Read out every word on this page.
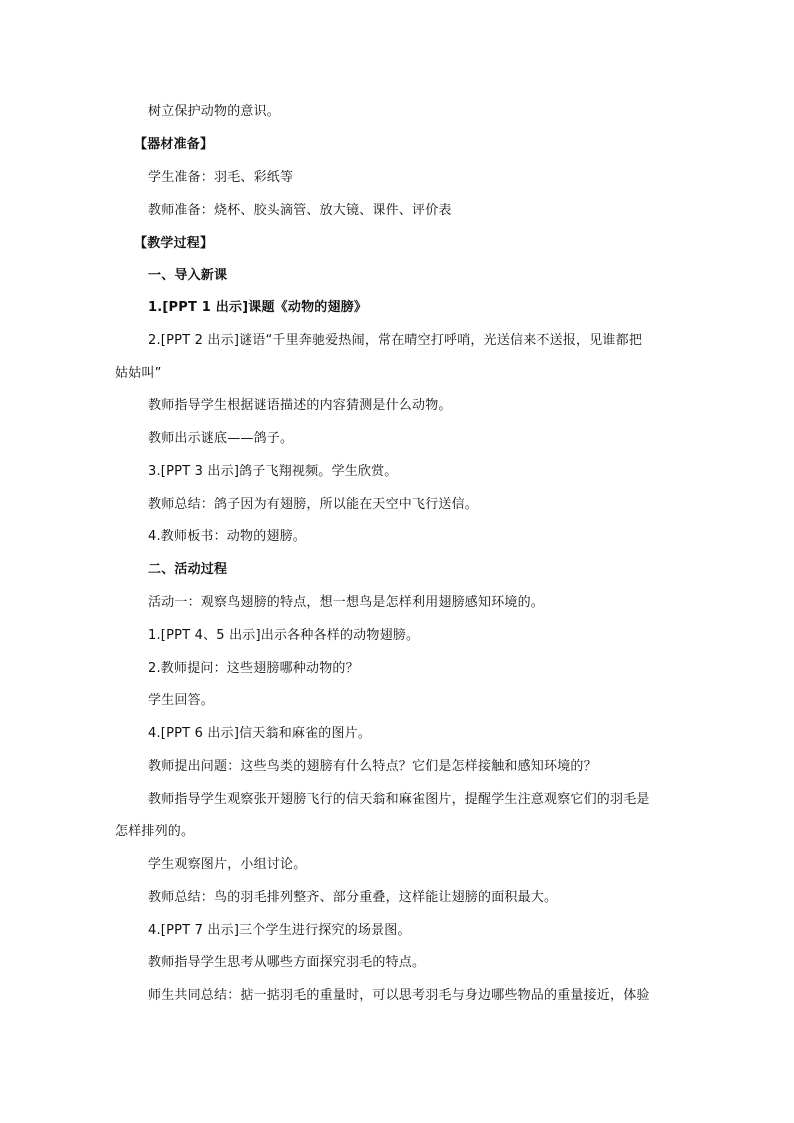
树立保护动物的意识。
【器材准备】
学生准备：羽毛、彩纸等
教师准备：烧杯、胶头滴管、放大镜、课件、评价表
【教学过程】
一、导入新课
1.[PPT 1 出示]课题《动物的翅膀》
2.[PPT 2 出示]谜语“千里奔驰爱热闹，常在晴空打呼哨，光送信来不送报，见谁都把
姑姑叫”
教师指导学生根据谜语描述的内容猜测是什么动物。
教师出示谜底——鸽子。
3.[PPT 3 出示]鸽子飞翔视频。学生欣赏。
教师总结：鸽子因为有翅膀，所以能在天空中飞行送信。
4.教师板书：动物的翅膀。
二、活动过程
活动一：观察鸟翅膀的特点，想一想鸟是怎样利用翅膀感知环境的。
1.[PPT 4、5 出示]出示各种各样的动物翅膀。
2.教师提问：这些翅膀哪种动物的？
学生回答。
4.[PPT 6 出示]信天翁和麻雀的图片。
教师提出问题：这些鸟类的翅膀有什么特点？它们是怎样接触和感知环境的？
教师指导学生观察张开翅膀飞行的信天翁和麻雀图片，提醒学生注意观察它们的羽毛是
怎样排列的。
学生观察图片，小组讨论。
教师总结：鸟的羽毛排列整齐、部分重叠，这样能让翅膀的面积最大。
4.[PPT 7 出示]三个学生进行探究的场景图。
教师指导学生思考从哪些方面探究羽毛的特点。
师生共同总结：掂一掂羽毛的重量时，可以思考羽毛与身边哪些物品的重量接近，体验
